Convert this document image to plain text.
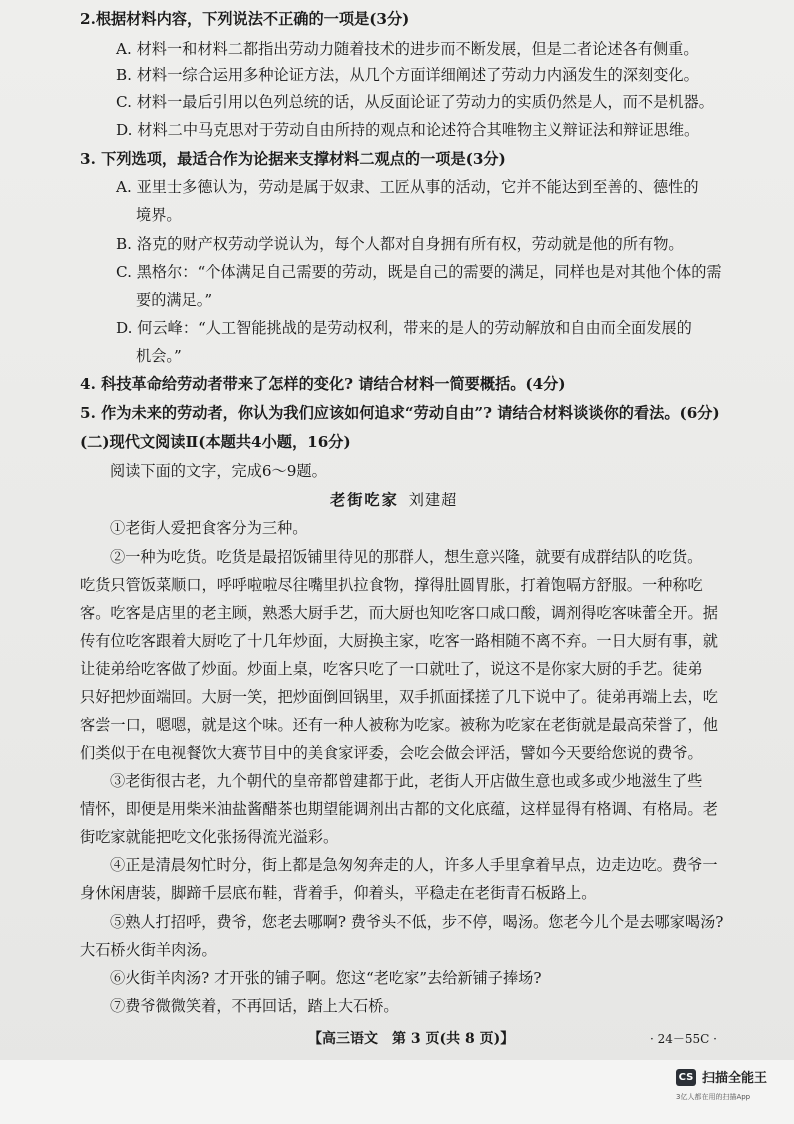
2.根据材料内容，下列说法不正确的一项是(3分)
A. 材料一和材料二都指出劳动力随着技术的进步而不断发展，但是二者论述各有侧重。
B. 材料一综合运用多种论证方法，从几个方面详细阐述了劳动力内涵发生的深刻变化。
C. 材料一最后引用以色列总统的话，从反面论证了劳动力的实质仍然是人，而不是机器。
D. 材料二中马克思对于劳动自由所持的观点和论述符合其唯物主义辩证法和辩证思维。
3. 下列选项，最适合作为论据来支撑材料二观点的一项是(3分)
A. 亚里士多德认为，劳动是属于奴隶、工匠从事的活动，它并不能达到至善的、德性的
境界。
B. 洛克的财产权劳动学说认为，每个人都对自身拥有所有权，劳动就是他的所有物。
C. 黑格尔：“个体满足自己需要的劳动，既是自己的需要的满足，同样也是对其他个体的需
要的满足。”
D. 何云峰：“人工智能挑战的是劳动权利，带来的是人的劳动解放和自由而全面发展的
机会。”
4. 科技革命给劳动者带来了怎样的变化? 请结合材料一简要概括。(4分)
5. 作为未来的劳动者，你认为我们应该如何追求“劳动自由”? 请结合材料谈谈你的看法。(6分)
(二)现代文阅读Ⅱ(本题共4小题，16分)
阅读下面的文字，完成6～9题。
老街吃家 刘建超
①老街人爱把食客分为三种。
②一种为吃货。吃货是最招饭铺里待见的那群人，想生意兴隆，就要有成群结队的吃货。
吃货只管饭菜顺口，呼呼啦啦尽往嘴里扒拉食物，撑得肚圆胃胀，打着饱嗝方舒服。一种称吃
客。吃客是店里的老主顾，熟悉大厨手艺，而大厨也知吃客口咸口酸，调剂得吃客味蕾全开。据
传有位吃客跟着大厨吃了十几年炒面，大厨换主家，吃客一路相随不离不弃。一日大厨有事，就
让徒弟给吃客做了炒面。炒面上桌，吃客只吃了一口就吐了，说这不是你家大厨的手艺。徒弟
只好把炒面端回。大厨一笑，把炒面倒回锅里，双手抓面揉搓了几下说中了。徒弟再端上去，吃
客尝一口，嗯嗯，就是这个味。还有一种人被称为吃家。被称为吃家在老街就是最高荣誉了，他
们类似于在电视餐饮大赛节目中的美食家评委，会吃会做会评活，譬如今天要给您说的费爷。
③老街很古老，九个朝代的皇帝都曾建都于此，老街人开店做生意也或多或少地滋生了些
情怀，即便是用柴米油盐酱醋茶也期望能调剂出古都的文化底蕴，这样显得有格调、有格局。老
街吃家就能把吃文化张扬得流光溢彩。
④正是清晨匆忙时分，街上都是急匆匆奔走的人，许多人手里拿着早点，边走边吃。费爷一
身休闲唐装，脚蹄千层底布鞋，背着手，仰着头，平稳走在老街青石板路上。
⑤熟人打招呼，费爷，您老去哪啊? 费爷头不低，步不停，喝汤。您老今儿个是去哪家喝汤?
大石桥火街羊肉汤。
⑥火街羊肉汤? 才开张的铺子啊。您这“老吃家”去给新铺子捧场?
⑦费爷微微笑着，不再回话，踏上大石桥。
【高三语文　第 3 页(共 8 页)】	· 24－55C ·
CS 扫描全能王
3亿人都在用的扫描App
